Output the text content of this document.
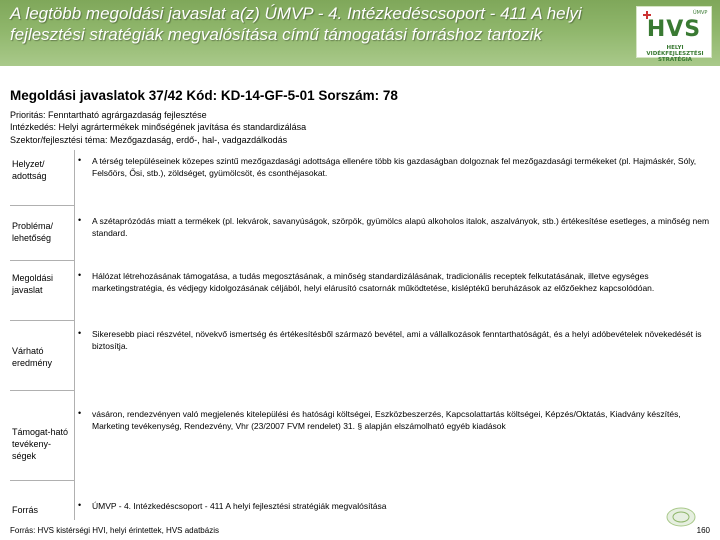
A legtöbb megoldási javaslat a(z) ÚMVP - 4. Intézkedéscsoport - 411 A helyi fejlesztési stratégiák megvalósítása című támogatási forráshoz tartozik
ÚMVP
HVS
HELYI VIDÉKFEJLESZTÉSI STRATÉGIA
Megoldási javaslatok 37/42 Kód: KD-14-GF-5-01 Sorszám: 78
Prioritás: Fenntartható agrárgazdaság fejlesztése
Intézkedés: Helyi agrártermékek minőségének javítása és standardizálása
Szektor/fejlesztési téma: Mezőgazdaság, erdő-, hal-, vadgazdálkodás
Helyzet/ adottság
• A térség településeinek közepes szintű mezőgazdasági adottsága ellenére több kis gazdaságban dolgoznak fel mezőgazdasági termékeket (pl. Hajmáskér, Sóly, Felsőörs, Ősi, stb.), zöldséget, gyümölcsöt, és csonthéjasokat.
Probléma/ lehetőség
• A szétaprózódás miatt a termékek (pl. lekvárok, savanyúságok, szörpök, gyümölcs alapú alkoholos italok, aszalványok, stb.) értékesítése esetleges, a minőség nem standard.
Megoldási javaslat
• Hálózat létrehozásának támogatása, a tudás megosztásának, a minőség standardizálásának, tradicionális receptek felkutatásának, illetve egységes marketingstratégia, és védjegy kidolgozásának céljából, helyi elárusító csatornák működtetése, kisléptékű beruházások az előzőekhez kapcsolódóan.
Várható eredmény
• Sikeresebb piaci részvétel, növekvő ismertség és értékesítésből származó bevétel, ami a vállalkozások fenntarthatóságát, és a helyi adóbevételek növekedését is biztosítja.
Támogat-ható tevékeny-ségek
• vásáron, rendezvényen való megjelenés kitelepülési és hatósági költségei, Eszközbeszerzés, Kapcsolattartás költségei, Képzés/Oktatás, Kiadvány készítés, Marketing tevékenység, Rendezvény, Vhr (23/2007 FVM rendelet) 31. § alapján elszámolható egyéb kiadások
Forrás	• ÚMVP - 4. Intézkedéscsoport - 411 A helyi fejlesztési stratégiák megvalósítása
Forrás: HVS kistérségi HVI, helyi érintettek, HVS adatbázis	160
